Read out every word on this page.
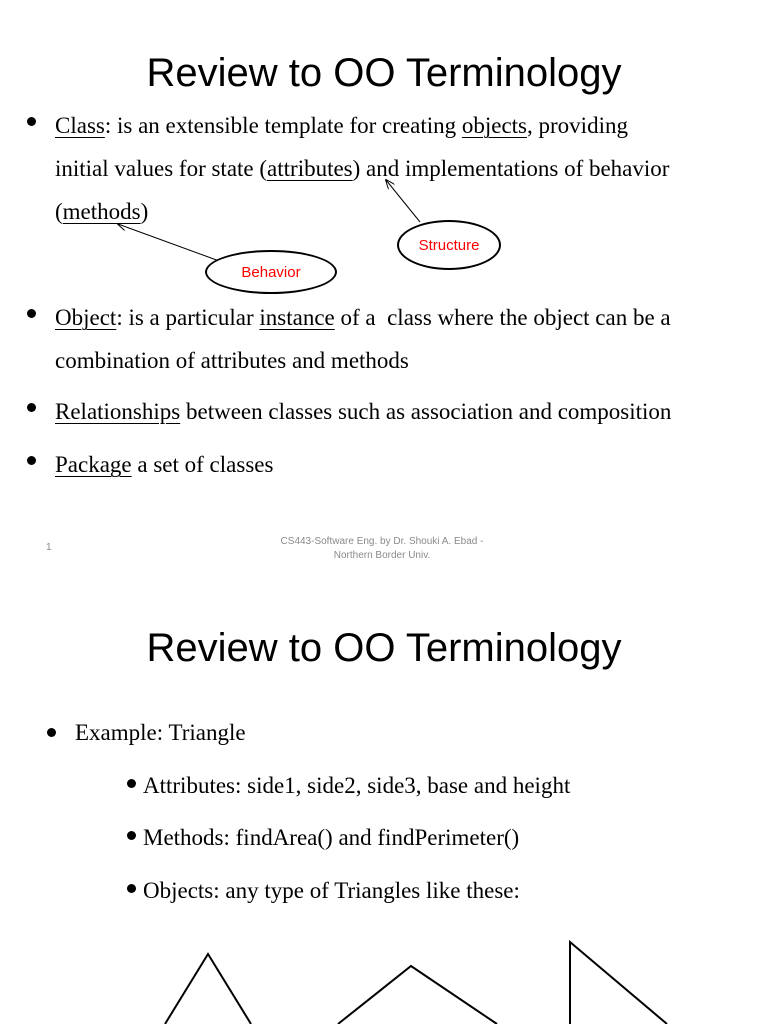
Review to OO Terminology
Class: is an extensible template for creating objects, providing
initial values for state (attributes) and implementations of behavior
(methods)
Structure
Behavior
Object: is a particular instance of a  class where the object can be a
combination of attributes and methods
Relationships between classes such as association and composition
Package a set of classes
1
CS443-Software Eng. by Dr. Shouki A. Ebad -
Northern Border Univ.
Review to OO Terminology
Example: Triangle
Attributes: side1, side2, side3, base and height
Methods: findArea() and findPerimeter()
Objects: any type of Triangles like these:
